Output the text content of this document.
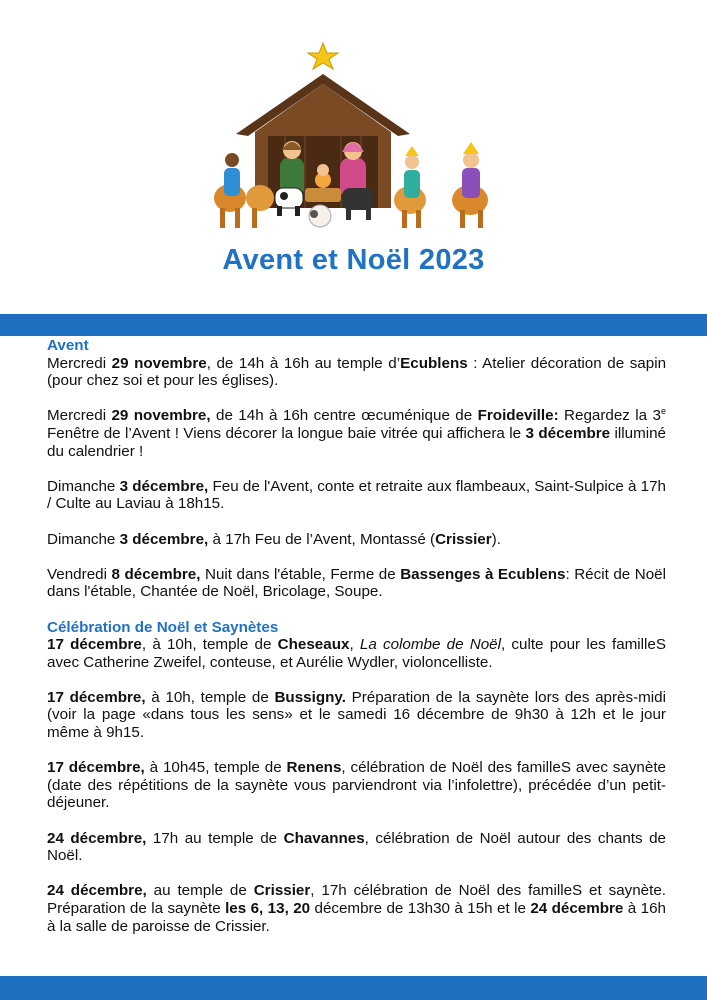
Avent et Noël 2023
Avent
Mercredi 29 novembre, de 14h à 16h au temple d’Ecublens : Atelier décoration de sapin (pour chez soi et pour les églises).
Mercredi 29 novembre, de 14h à 16h centre œcuménique de Froideville: Regardez la 3e Fenêtre de l’Avent ! Viens décorer la longue baie vitrée qui affichera le 3 décembre illuminé du calendrier !
Dimanche 3 décembre, Feu de l'Avent, conte et retraite aux flambeaux, Saint-Sulpice à 17h / Culte au Laviau à 18h15.
Dimanche 3 décembre, à 17h Feu de l’Avent, Montassé (Crissier).
Vendredi 8 décembre, Nuit dans l'étable, Ferme de Bassenges à Ecublens: Récit de Noël dans l'étable, Chantée de Noël, Bricolage, Soupe.
Célébration de Noël et Saynètes
17 décembre, à 10h, temple de Cheseaux, La colombe de Noël, culte pour les familleS avec Catherine Zweifel, conteuse, et Aurélie Wydler, violoncelliste.
17 décembre, à 10h, temple de Bussigny. Préparation de la saynète lors des après-midi (voir la page «dans tous les sens» et le samedi 16 décembre de 9h30 à 12h et le jour même à 9h15.
17 décembre, à 10h45, temple de Renens, célébration de Noël des familleS avec saynète (date des répétitions de la saynète vous parviendront via l’infolettre), précédée d’un petit-déjeuner.
24 décembre, 17h au temple de Chavannes, célébration de Noël autour des chants de Noël.
24 décembre, au temple de Crissier, 17h célébration de Noël des familleS et saynète. Préparation de la saynète les 6, 13, 20 décembre de 13h30 à 15h et le 24 décembre à 16h à la salle de paroisse de Crissier.
